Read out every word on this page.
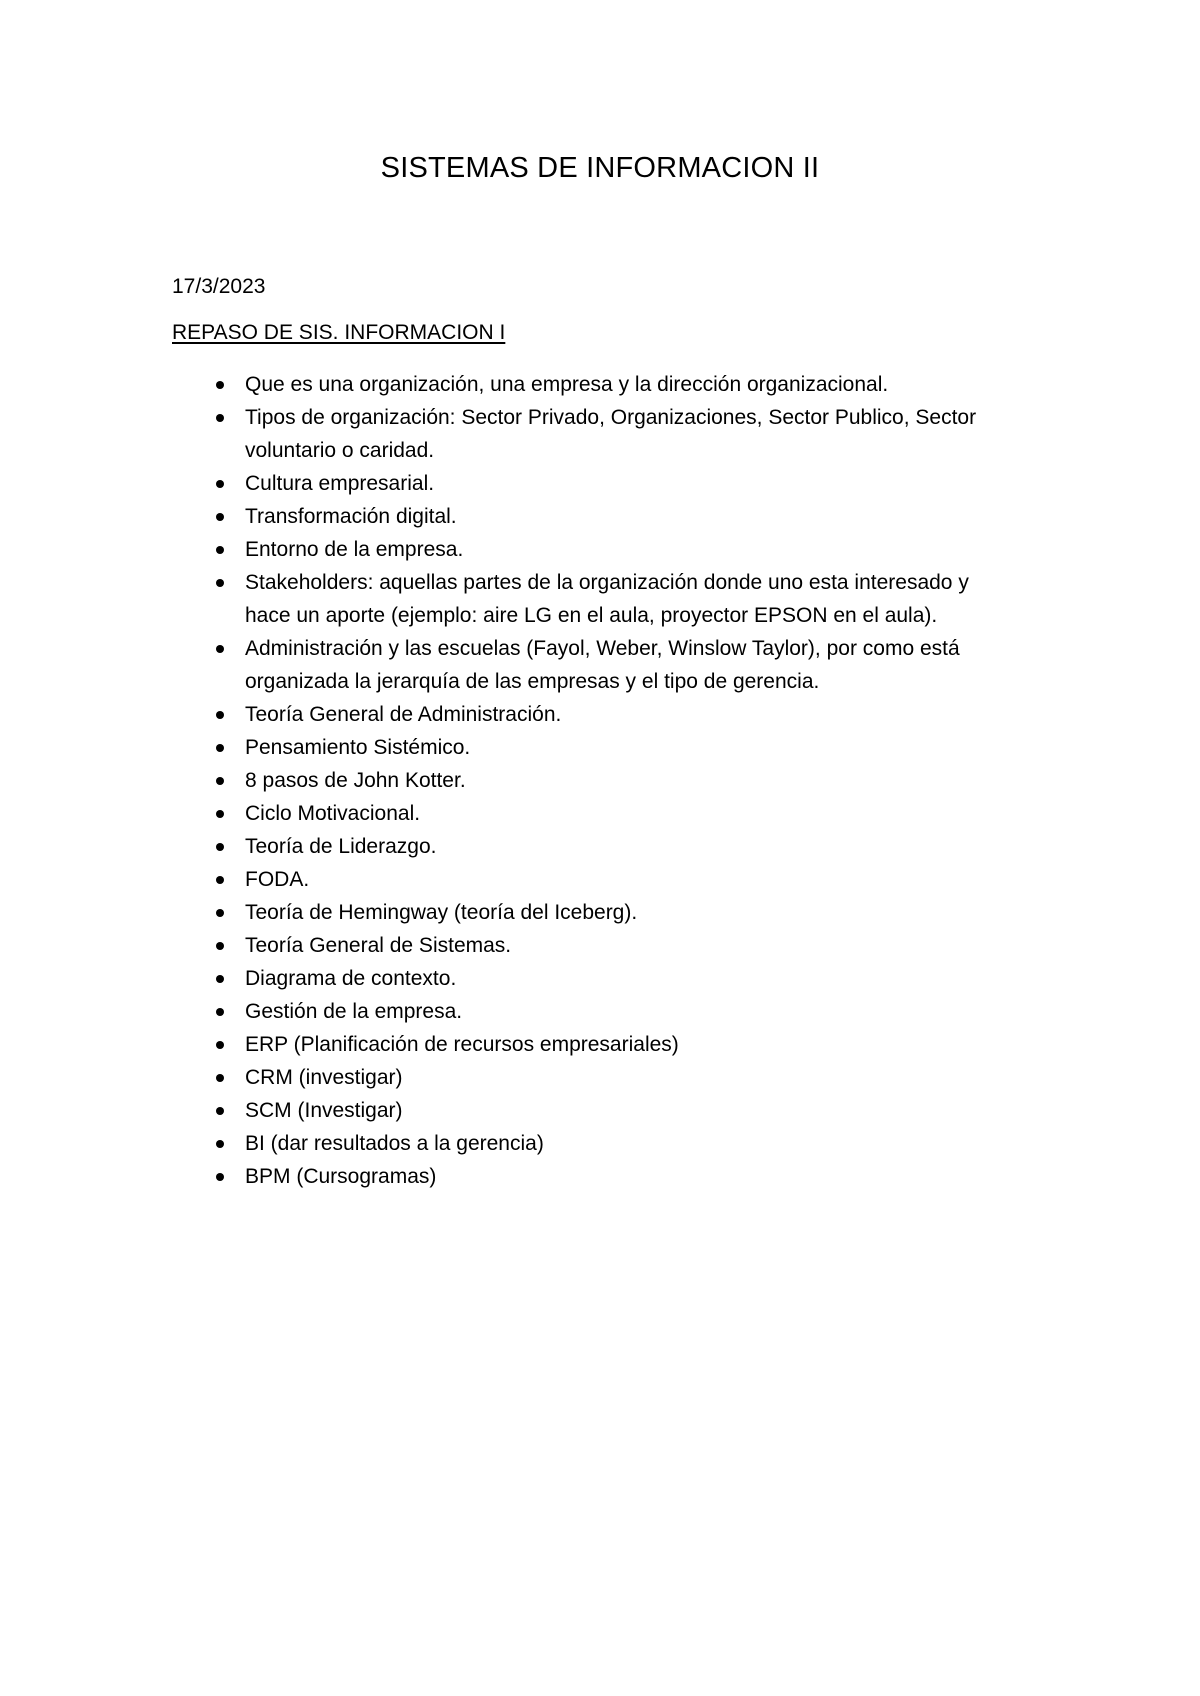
SISTEMAS DE INFORMACION II
17/3/2023
REPASO DE SIS. INFORMACION I
Que es una organización, una empresa y la dirección organizacional.
Tipos de organización: Sector Privado, Organizaciones, Sector Publico, Sector voluntario o caridad.
Cultura empresarial.
Transformación digital.
Entorno de la empresa.
Stakeholders: aquellas partes de la organización donde uno esta interesado y hace un aporte (ejemplo: aire LG en el aula, proyector EPSON en el aula).
Administración y las escuelas (Fayol, Weber, Winslow Taylor), por como está organizada la jerarquía de las empresas y el tipo de gerencia.
Teoría General de Administración.
Pensamiento Sistémico.
8 pasos de John Kotter.
Ciclo Motivacional.
Teoría de Liderazgo.
FODA.
Teoría de Hemingway (teoría del Iceberg).
Teoría General de Sistemas.
Diagrama de contexto.
Gestión de la empresa.
ERP (Planificación de recursos empresariales)
CRM (investigar)
SCM (Investigar)
BI (dar resultados a la gerencia)
BPM (Cursogramas)
